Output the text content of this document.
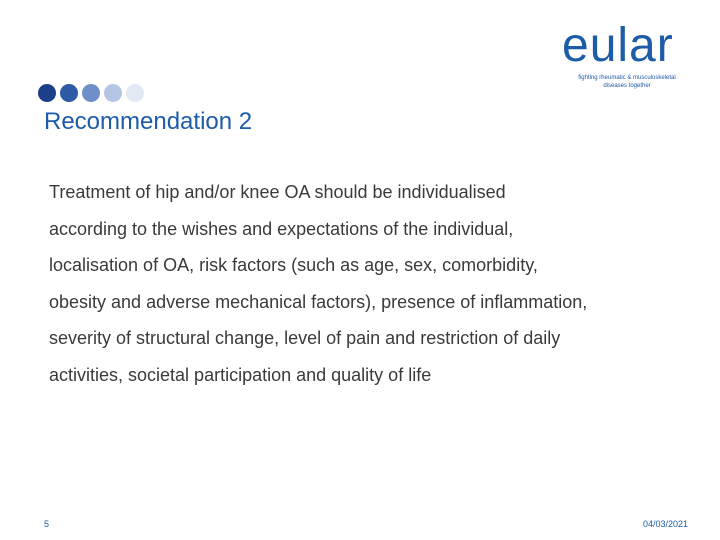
eular
fighting rheumatic & musculoskeletal
diseases together
Recommendation 2
Treatment of hip and/or knee OA should be individualised
according to the wishes and expectations of the individual,
localisation of OA, risk factors (such as age, sex, comorbidity,
obesity and adverse mechanical factors), presence of inflammation,
severity of structural change, level of pain and restriction of daily
activities, societal participation and quality of life
5	04/03/2021
